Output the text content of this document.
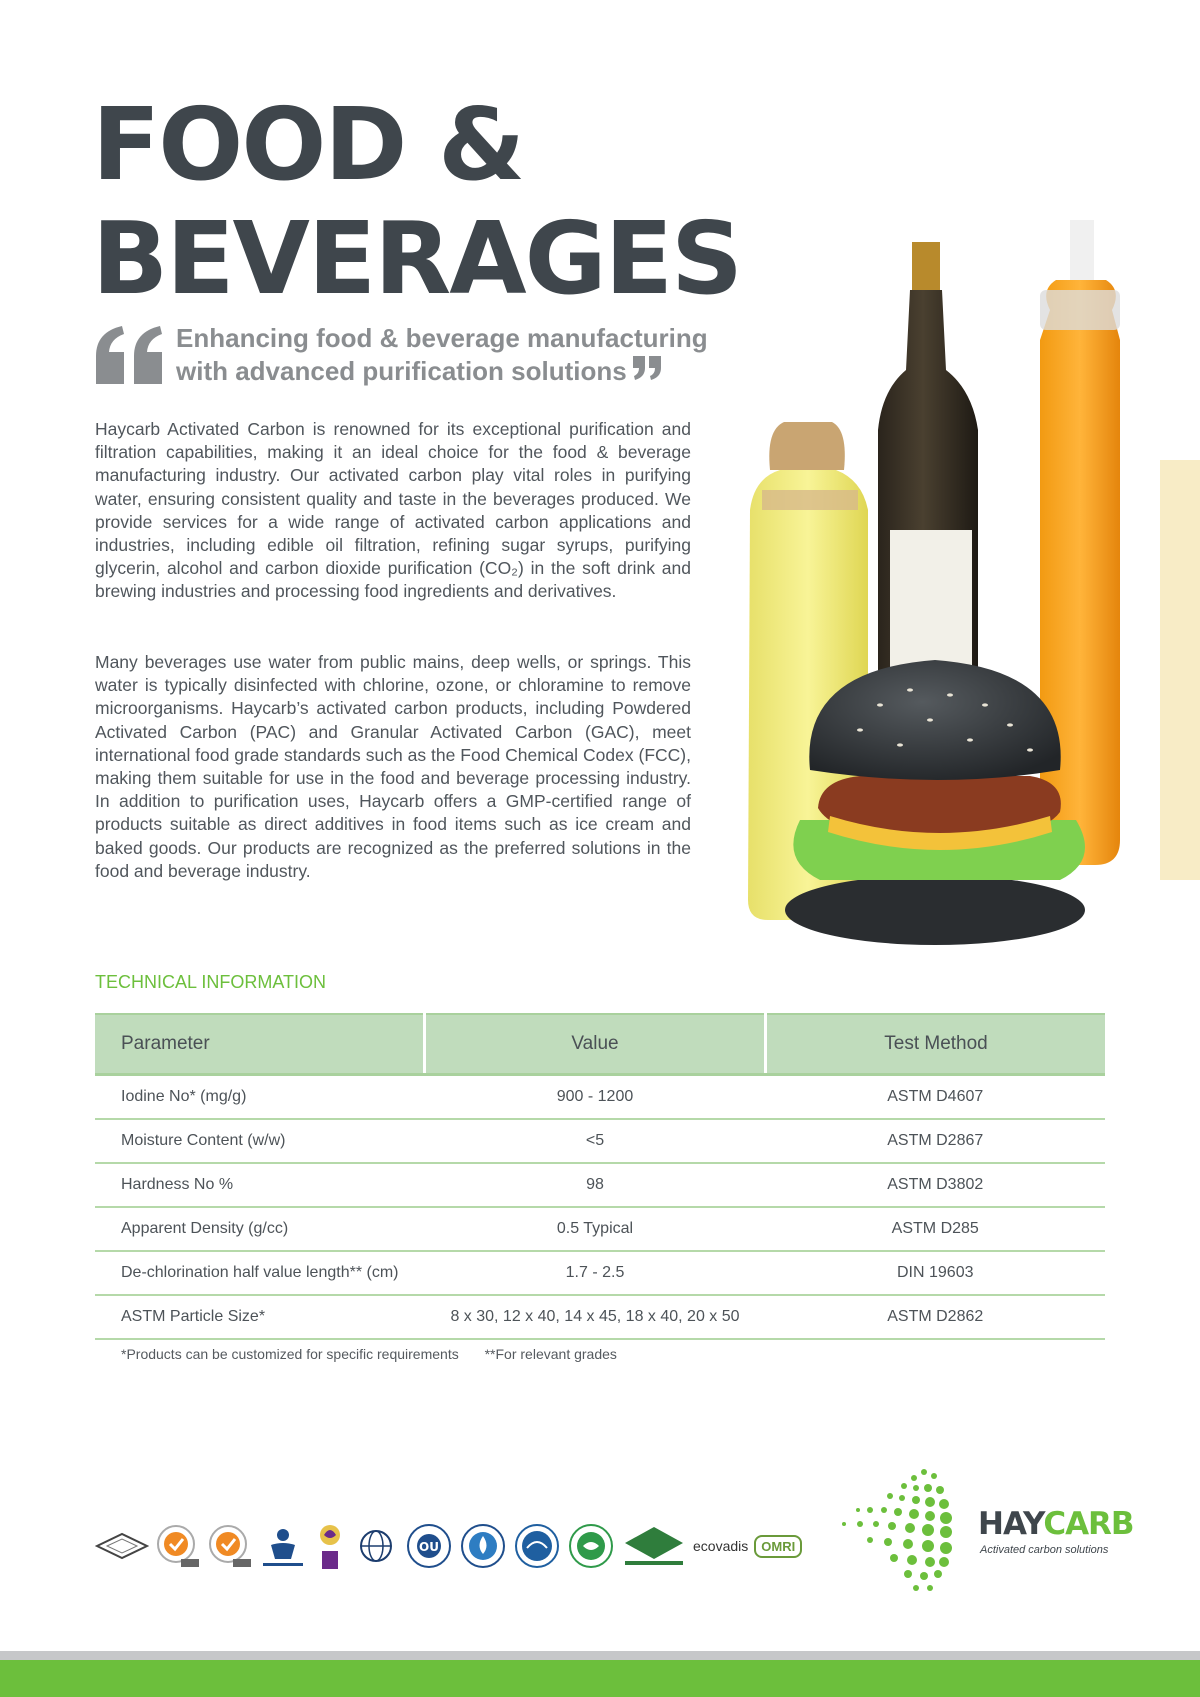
FOOD &
BEVERAGES

Enhancing food & beverage manufacturing
with advanced purification solutions

Haycarb Activated Carbon is renowned for its exceptional purification and filtration capabilities, making it an ideal choice for the food & beverage manufacturing industry. Our activated carbon play vital roles in purifying water, ensuring consistent quality and taste in the beverages produced. We provide services for a wide range of activated carbon applications and industries, including edible oil filtration, refining sugar syrups, purifying glycerin, alcohol and carbon dioxide purification (CO₂) in the soft drink and brewing industries and processing food ingredients and derivatives.

Many beverages use water from public mains, deep wells, or springs. This water is typically disinfected with chlorine, ozone, or chloramine to remove microorganisms. Haycarb’s activated carbon products, including Powdered Activated Carbon (PAC) and Granular Activated Carbon (GAC), meet international food grade standards such as the Food Chemical Codex (FCC), making them suitable for use in the food and beverage processing industry. In addition to purification uses, Haycarb offers a GMP-certified range of products suitable as direct additives in food items such as ice cream and baked goods. Our products are recognized as the preferred solutions in the food and beverage industry.

TECHNICAL INFORMATION
Parameter	Value	Test Method
Iodine No* (mg/g)	900 - 1200	ASTM D4607
Moisture Content (w/w)	<5	ASTM D2867
Hardness No %	98	ASTM D3802
Apparent Density (g/cc)	0.5 Typical	ASTM D285
De-chlorination half value length** (cm)	1.7 - 2.5	DIN 19603
ASTM Particle Size*	8 x 30, 12 x 40, 14 x 45, 18 x 40, 20 x 50	ASTM D2862
*Products can be customized for specific requirements **For relevant grades
OU	ecovadis	OMRI
HAYCARB
Activated carbon solutions
